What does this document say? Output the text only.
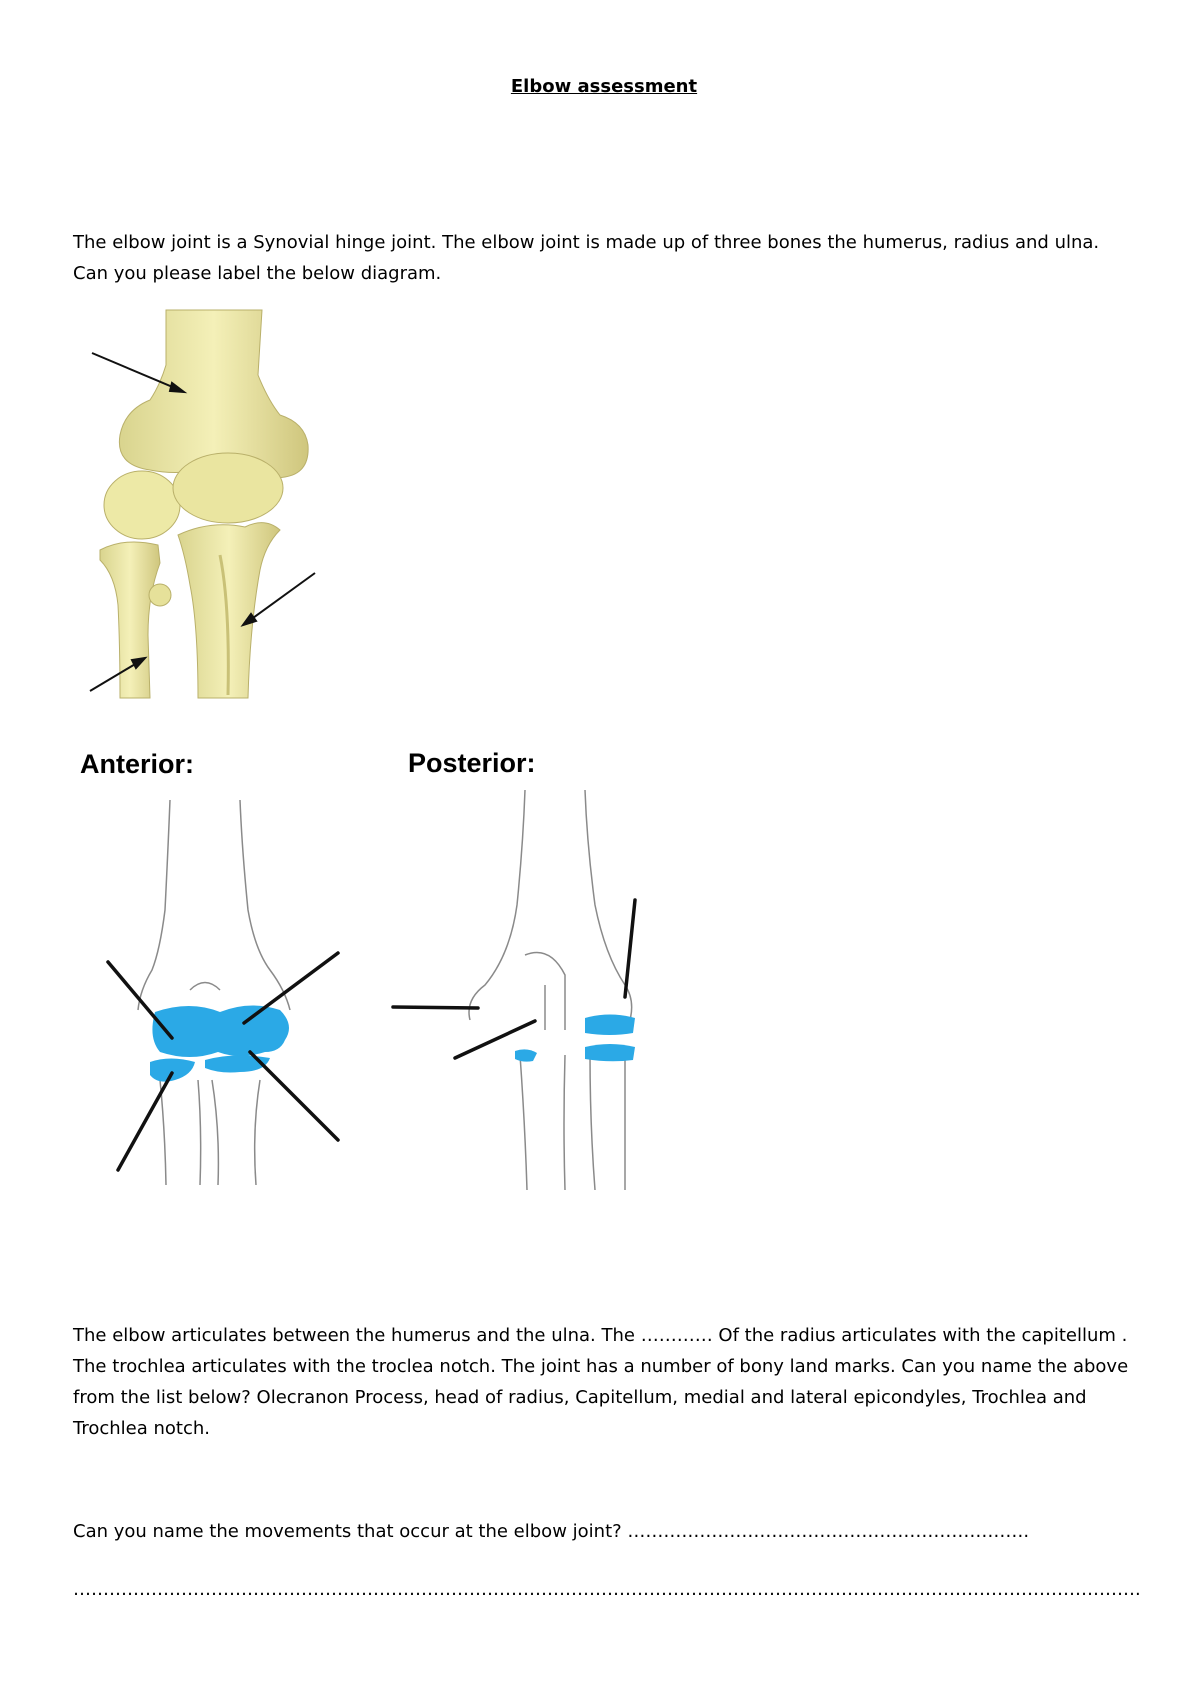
Elbow assessment

The elbow joint is a Synovial hinge joint. The elbow joint is made up of three bones the humerus, radius and ulna.
Can you please label the below diagram.

Anterior:	Posterior:

The elbow articulates between the humerus and the ulna. The ………… Of the radius articulates with the capitellum . The trochlea articulates with the troclea notch. The joint has a number of bony land marks. Can you name the above from the list below? Olecranon Process, head of radius, Capitellum, medial and lateral epicondyles, Trochlea and Trochlea notch.

Can you name the movements that occur at the elbow joint? ………………………………………………………….

…………………………………………………………………………………………………………………………………………………………….
